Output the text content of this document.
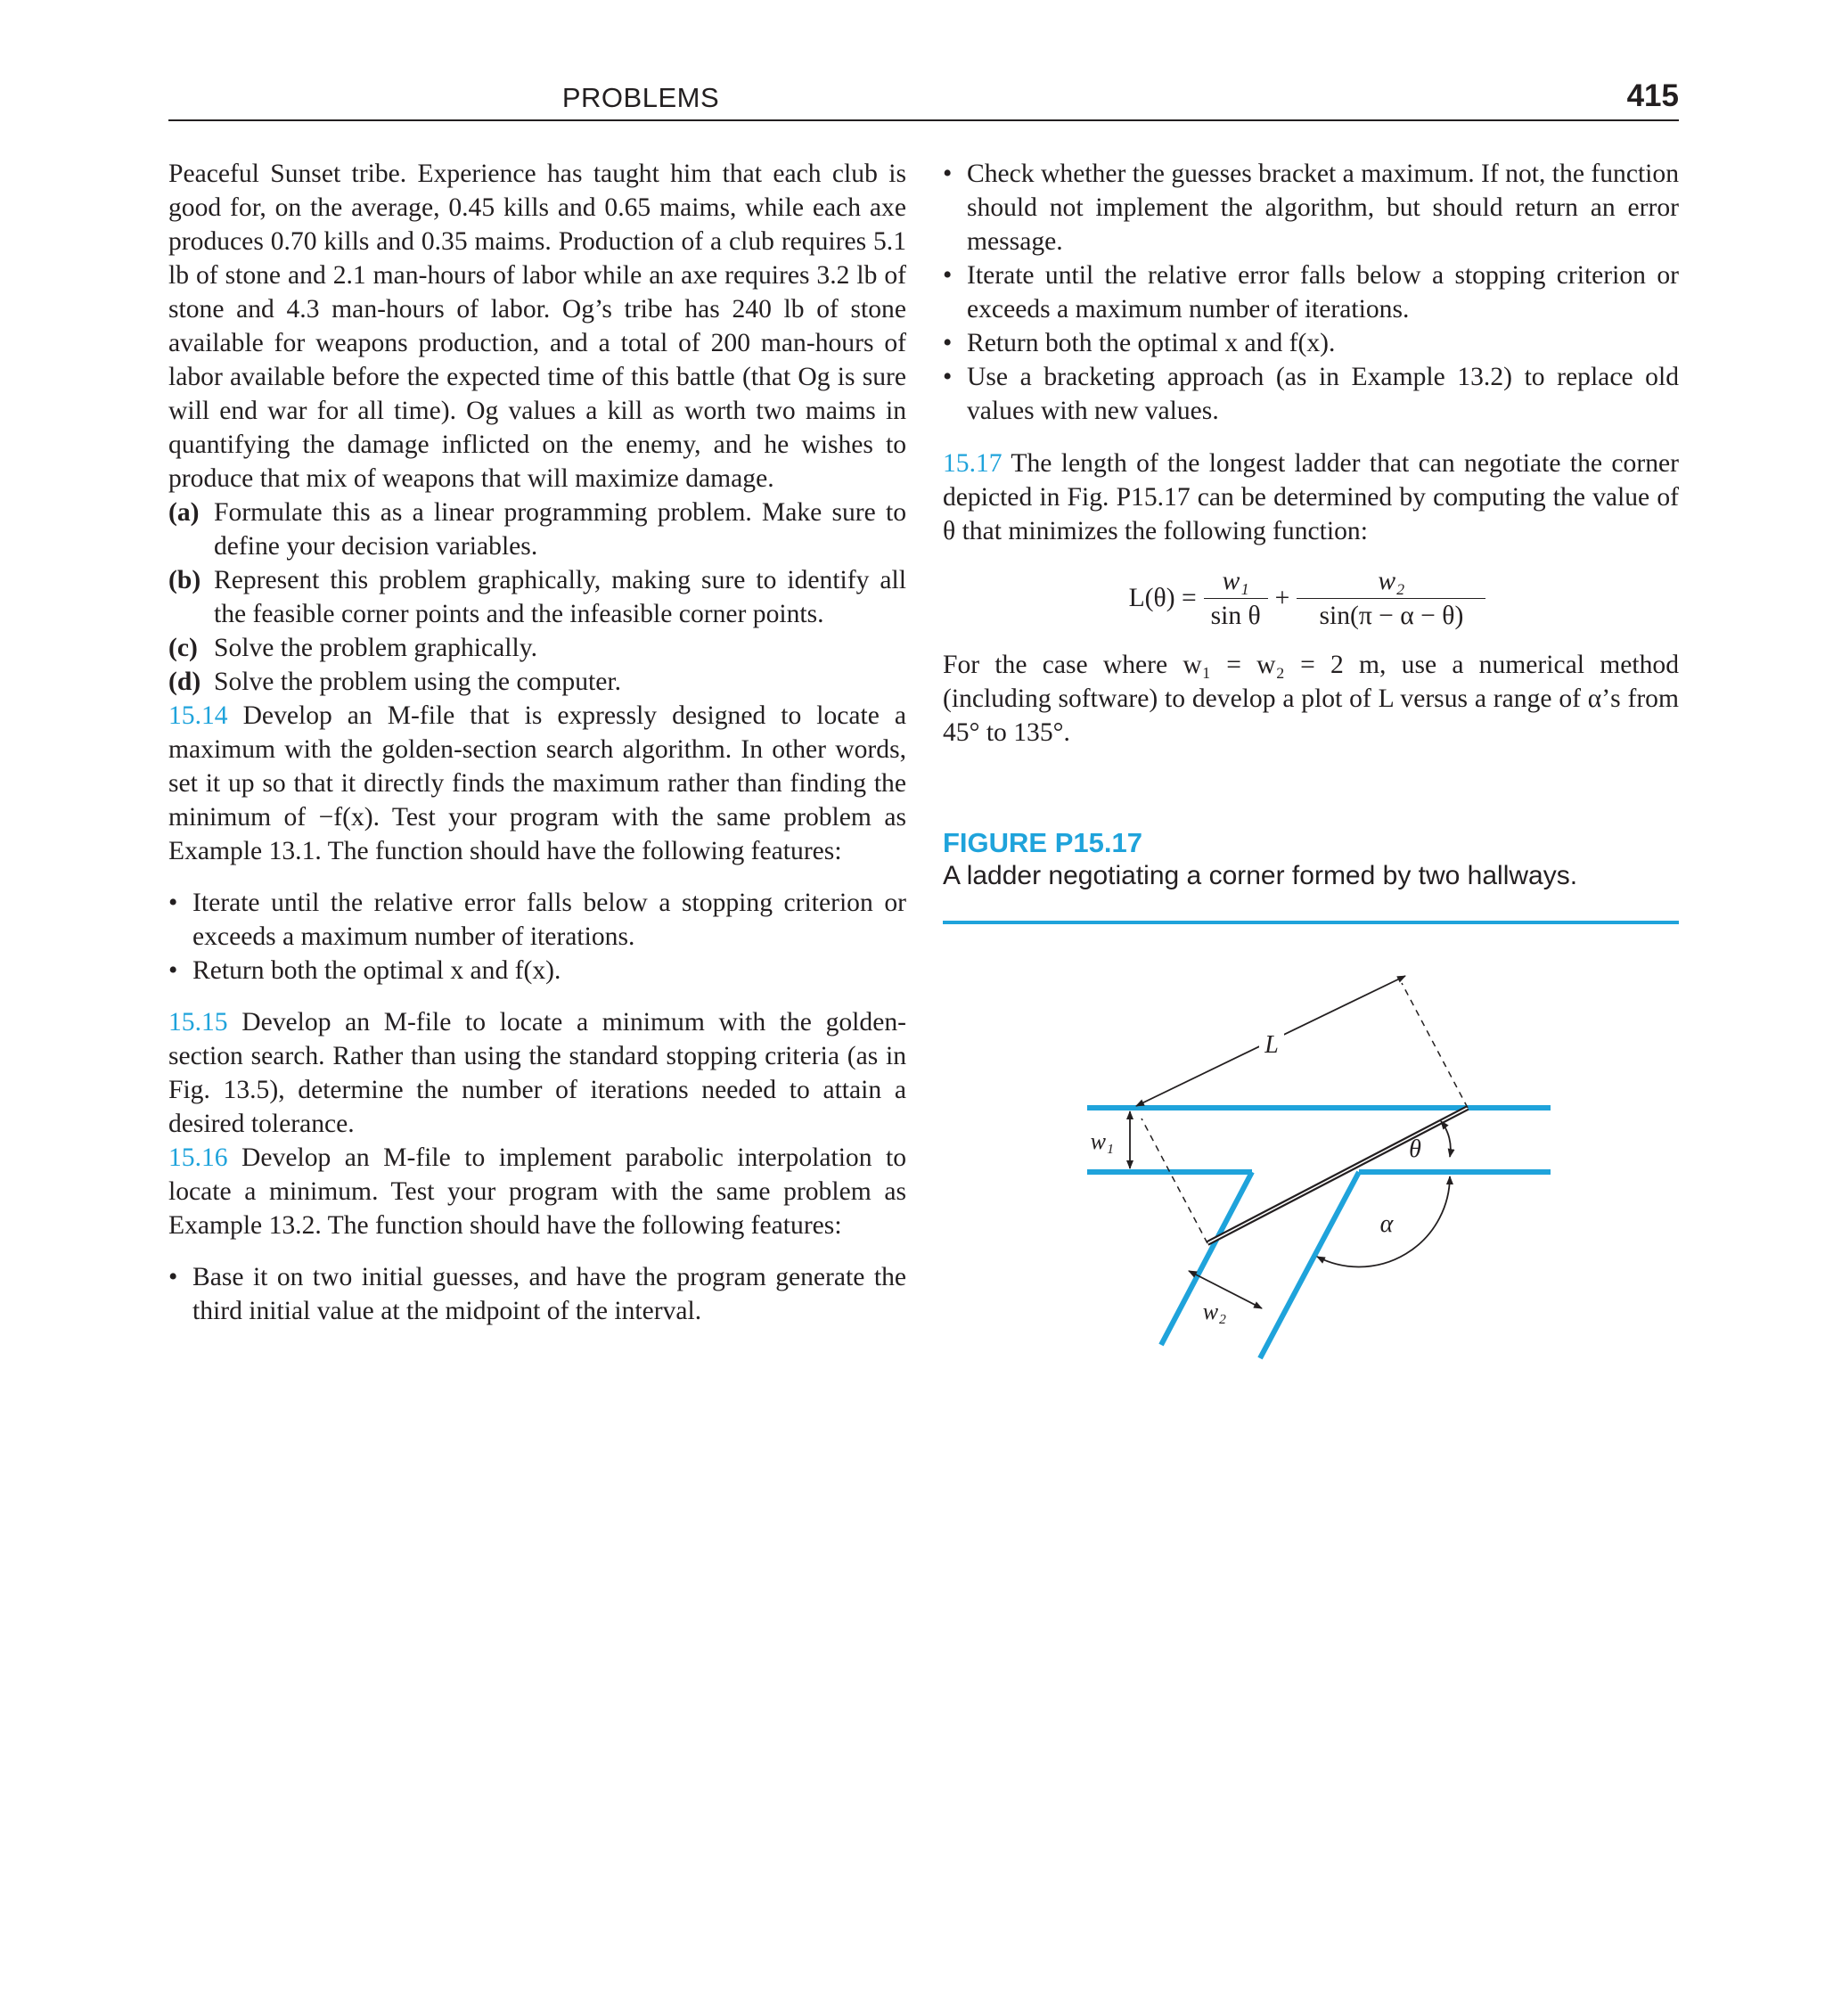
PROBLEMS	415

Peaceful Sunset tribe. Experience has taught him that each club is good for, on the average, 0.45 kills and 0.65 maims, while each axe produces 0.70 kills and 0.35 maims. Production of a club requires 5.1 lb of stone and 2.1 man-hours of labor while an axe requires 3.2 lb of stone and 4.3 man-hours of labor. Og’s tribe has 240 lb of stone available for weapons production, and a total of 200 man-hours of labor available before the expected time of this battle (that Og is sure will end war for all time). Og values a kill as worth two maims in quantifying the damage inflicted on the enemy, and he wishes to produce that mix of weapons that will maximize damage.

(a) Formulate this as a linear programming problem. Make sure to define your decision variables.
(b) Represent this problem graphically, making sure to identify all the feasible corner points and the infeasible corner points.
(c) Solve the problem graphically.
(d) Solve the problem using the computer.

15.14 Develop an M-file that is expressly designed to locate a maximum with the golden-section search algorithm. In other words, set it up so that it directly finds the maximum rather than finding the minimum of −f(x). Test your program with the same problem as Example 13.1. The function should have the following features:

• Iterate until the relative error falls below a stopping criterion or exceeds a maximum number of iterations.
• Return both the optimal x and f(x).

15.15 Develop an M-file to locate a minimum with the golden-section search. Rather than using the standard stopping criteria (as in Fig. 13.5), determine the number of iterations needed to attain a desired tolerance.

15.16 Develop an M-file to implement parabolic interpolation to locate a minimum. Test your program with the same problem as Example 13.2. The function should have the following features:

• Base it on two initial guesses, and have the program generate the third initial value at the midpoint of the interval.
• Check whether the guesses bracket a maximum. If not, the function should not implement the algorithm, but should return an error message.
• Iterate until the relative error falls below a stopping criterion or exceeds a maximum number of iterations.
• Return both the optimal x and f(x).
• Use a bracketing approach (as in Example 13.2) to replace old values with new values.

15.17 The length of the longest ladder that can negotiate the corner depicted in Fig. P15.17 can be determined by computing the value of θ that minimizes the following function:

$L(\theta) = \frac{\text{w₁}}{\text{sin θ}} + \frac{\text{w₂}}{\sin(\pi - \alpha - \theta)}$

For the case where w₁ = w₂ = 2 m, use a numerical method (including software) to develop a plot of L versus a range of α’s from 45° to 135°.

FIGURE P15.17
A ladder negotiating a corner formed by two hallways.
L
w₁
w₂
θ
α
